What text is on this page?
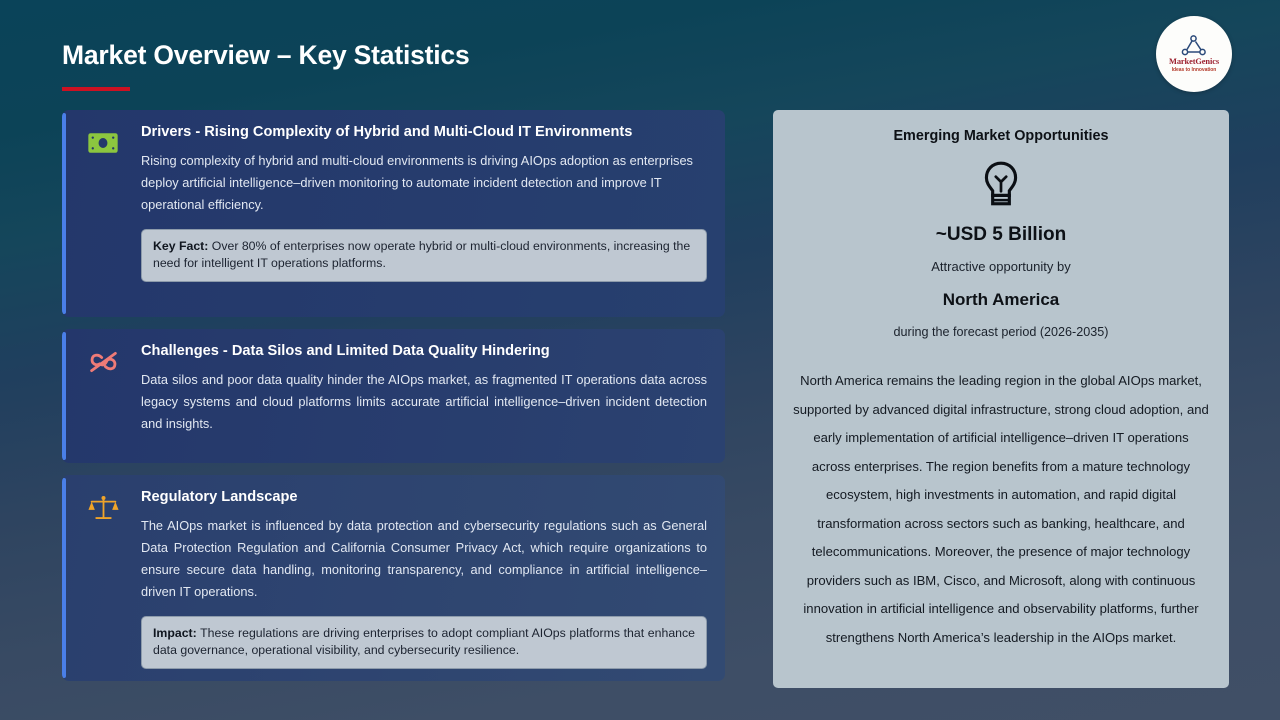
Market Overview – Key Statistics	MarketGenics
Ideas to Innovation
Drivers - Rising Complexity of Hybrid and Multi-Cloud IT Environments
Rising complexity of hybrid and multi-cloud environments is driving AIOps adoption as enterprises deploy artificial intelligence–driven monitoring to automate incident detection and improve IT operational efficiency.
Key Fact: Over 80% of enterprises now operate hybrid or multi-cloud environments, increasing the need for intelligent IT operations platforms.
Challenges - Data Silos and Limited Data Quality Hindering
Data silos and poor data quality hinder the AIOps market, as fragmented IT operations data across legacy systems and cloud platforms limits accurate artificial intelligence–driven incident detection and insights.
Regulatory Landscape
The AIOps market is influenced by data protection and cybersecurity regulations such as General Data Protection Regulation and California Consumer Privacy Act, which require organizations to ensure secure data handling, monitoring transparency, and compliance in artificial intelligence–driven IT operations.
Impact: These regulations are driving enterprises to adopt compliant AIOps platforms that enhance data governance, operational visibility, and cybersecurity resilience.
Emerging Market Opportunities
~USD 5 Billion
Attractive opportunity by
North America
during the forecast period (2026-2035)
North America remains the leading region in the global AIOps market, supported by advanced digital infrastructure, strong cloud adoption, and early implementation of artificial intelligence–driven IT operations across enterprises. The region benefits from a mature technology ecosystem, high investments in automation, and rapid digital transformation across sectors such as banking, healthcare, and telecommunications. Moreover, the presence of major technology providers such as IBM, Cisco, and Microsoft, along with continuous innovation in artificial intelligence and observability platforms, further strengthens North America’s leadership in the AIOps market.
